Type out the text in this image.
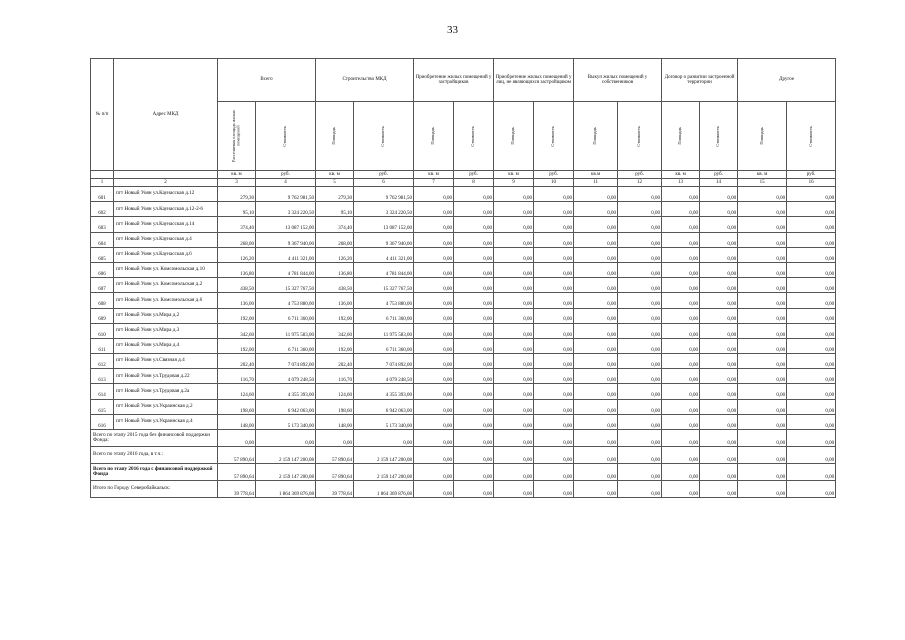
33
№ п/п	Адрес МКД	Всего		Строительство МКД		Приобретение жилых помещений у застройщиков		Приобретение жилых помещений у лиц, не являющихся застройщиком		Выкуп жилых помещений у собственников		Договор о развитии застроенной территории		Другое	

		Расселяемая площадь жилых помещений	Стоимость	Площадь	Стоимость	Площадь	Стоимость	Площадь	Стоимость	Площадь	Стоимость	Площадь	Стоимость	Площадь	Стоимость

		кв. м	руб.	кв. м	руб.	кв. м	руб.	кв. м	руб.	кв.м	руб.	кв. м	руб.	кв. м	руб.
1	2	3	4	5	6	7	8	9	10	11	12	13	14	15	16
601	пгт Новый Уоян ул.Каунасская д.12	279,30	9 762 981,50	279,30	9 762 981,50	0,00	0,00	0,00	0,00	0,00	0,00	0,00	0,00	0,00	0,00
602	пгт Новый Уоян ул.Каунасская д.12-2-6	95,10	3 324 220,50	95,10	3 324 220,50	0,00	0,00	0,00	0,00	0,00	0,00	0,00	0,00	0,00	0,00
603	пгт Новый Уоян ул.Каунасская д.14	374,40	13 087 152,00	374,40	13 087 152,00	0,00	0,00	0,00	0,00	0,00	0,00	0,00	0,00	0,00	0,00
604	пгт Новый Уоян ул.Каунасская д.4	268,00	9 367 940,00	268,00	9 367 940,00	0,00	0,00	0,00	0,00	0,00	0,00	0,00	0,00	0,00	0,00
605	пгт Новый Уоян ул.Каунасская д.6	126,20	4 411 321,00	126,20	4 411 321,00	0,00	0,00	0,00	0,00	0,00	0,00	0,00	0,00	0,00	0,00
606	пгт Новый Уоян ул. Комсомольская д.10	136,80	4 781 844,00	136,80	4 781 844,00	0,00	0,00	0,00	0,00	0,00	0,00	0,00	0,00	0,00	0,00
607	пгт Новый Уоян ул. Комсомольская д.2	438,50	15 327 767,50	438,50	15 327 767,50	0,00	0,00	0,00	0,00	0,00	0,00	0,00	0,00	0,00	0,00
608	пгт Новый Уоян ул. Комсомольская д.6	136,00	4 753 880,00	136,00	4 753 880,00	0,00	0,00	0,00	0,00	0,00	0,00	0,00	0,00	0,00	0,00
609	пгт Новый Уоян ул.Мира д.2	192,00	6 711 360,00	192,00	6 711 360,00	0,00	0,00	0,00	0,00	0,00	0,00	0,00	0,00	0,00	0,00
610	пгт Новый Уоян ул.Мира д.3	342,60	11 975 583,00	342,60	11 975 583,00	0,00	0,00	0,00	0,00	0,00	0,00	0,00	0,00	0,00	0,00
611	пгт Новый Уоян ул.Мира д.4	192,00	6 711 360,00	192,00	6 711 360,00	0,00	0,00	0,00	0,00	0,00	0,00	0,00	0,00	0,00	0,00
612	пгт Новый Уоян ул.Связная д.4	202,40	7 074 892,00	202,40	7 074 892,00	0,00	0,00	0,00	0,00	0,00	0,00	0,00	0,00	0,00	0,00
613	пгт Новый Уоян ул.Трудовая д.22	116,70	4 079 248,50	116,70	4 079 248,50	0,00	0,00	0,00	0,00	0,00	0,00	0,00	0,00	0,00	0,00
614	пгт Новый Уоян ул.Трудовая д.2а	124,60	4 355 393,00	124,60	4 355 393,00	0,00	0,00	0,00	0,00	0,00	0,00	0,00	0,00	0,00	0,00
615	пгт Новый Уоян ул.Украинская д.2	198,60	6 942 063,00	198,60	6 942 063,00	0,00	0,00	0,00	0,00	0,00	0,00	0,00	0,00	0,00	0,00
616	пгт Новый Уоян ул.Украинская д.4	148,00	5 173 340,00	148,00	5 173 340,00	0,00	0,00	0,00	0,00	0,00	0,00	0,00	0,00	0,00	0,00
Всего по этапу 2015 года без финансовой поддержки Фонда:		0,00	0,00	0,00	0,00	0,00	0,00	0,00	0,00	0,00	0,00	0,00	0,00	0,00	0,00
Всего по этапу 2016 года, в т.ч.:		57 890,64	2 159 147 200,08	57 890,64	2 159 147 200,08	0,00	0,00	0,00	0,00	0,00	0,00	0,00	0,00	0,00	0,00
Всего по этапу 2016 года с финансовой поддержкой Фонда		57 890,64	2 159 147 200,08	57 890,64	2 159 147 200,08	0,00	0,00	0,00	0,00	0,00	0,00	0,00	0,00	0,00	0,00
Итого по Городу Северобайкальск:		39 778,64	1 864 369 876,08	39 778,64	1 864 369 876,08	0,00	0,00	0,00	0,00	0,00	0,00	0,00	0,00	0,00	0,00
